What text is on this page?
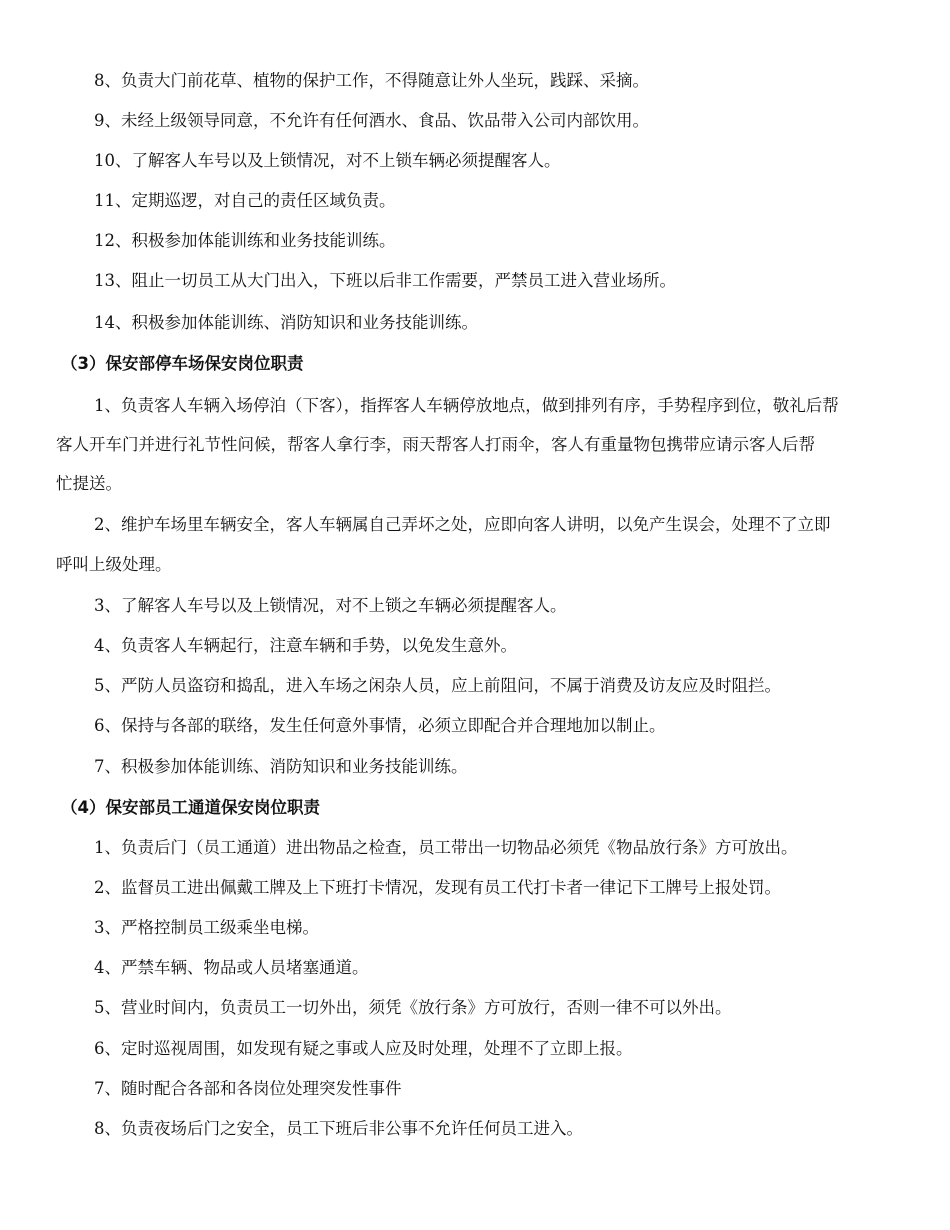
8、负责大门前花草、植物的保护工作，不得随意让外人坐玩，践踩、采摘。
9、未经上级领导同意，不允许有任何酒水、食品、饮品带入公司内部饮用。
10、了解客人车号以及上锁情况，对不上锁车辆必须提醒客人。
11、定期巡逻，对自己的责任区域负责。
12、积极参加体能训练和业务技能训练。
13、阻止一切员工从大门出入，下班以后非工作需要，严禁员工进入营业场所。
14、积极参加体能训练、消防知识和业务技能训练。
（3）保安部停车场保安岗位职责
1、负责客人车辆入场停泊（下客），指挥客人车辆停放地点，做到排列有序，手势程序到位，敬礼后帮
客人开车门并进行礼节性问候，帮客人拿行李，雨天帮客人打雨伞，客人有重量物包携带应请示客人后帮
忙提送。
2、维护车场里车辆安全，客人车辆属自己弄坏之处，应即向客人讲明，以免产生误会，处理不了立即
呼叫上级处理。
3、了解客人车号以及上锁情况，对不上锁之车辆必须提醒客人。
4、负责客人车辆起行，注意车辆和手势，以免发生意外。
5、严防人员盗窃和捣乱，进入车场之闲杂人员，应上前阻问，不属于消费及访友应及时阻拦。
6、保持与各部的联络，发生任何意外事情，必须立即配合并合理地加以制止。
7、积极参加体能训练、消防知识和业务技能训练。
（4）保安部员工通道保安岗位职责
1、负责后门（员工通道）进出物品之检查，员工带出一切物品必须凭《物品放行条》方可放出。
2、监督员工进出佩戴工牌及上下班打卡情况，发现有员工代打卡者一律记下工牌号上报处罚。
3、严格控制员工级乘坐电梯。
4、严禁车辆、物品或人员堵塞通道。
5、营业时间内，负责员工一切外出，须凭《放行条》方可放行，否则一律不可以外出。
6、定时巡视周围，如发现有疑之事或人应及时处理，处理不了立即上报。
7、随时配合各部和各岗位处理突发性事件
8、负责夜场后门之安全，员工下班后非公事不允许任何员工进入。
